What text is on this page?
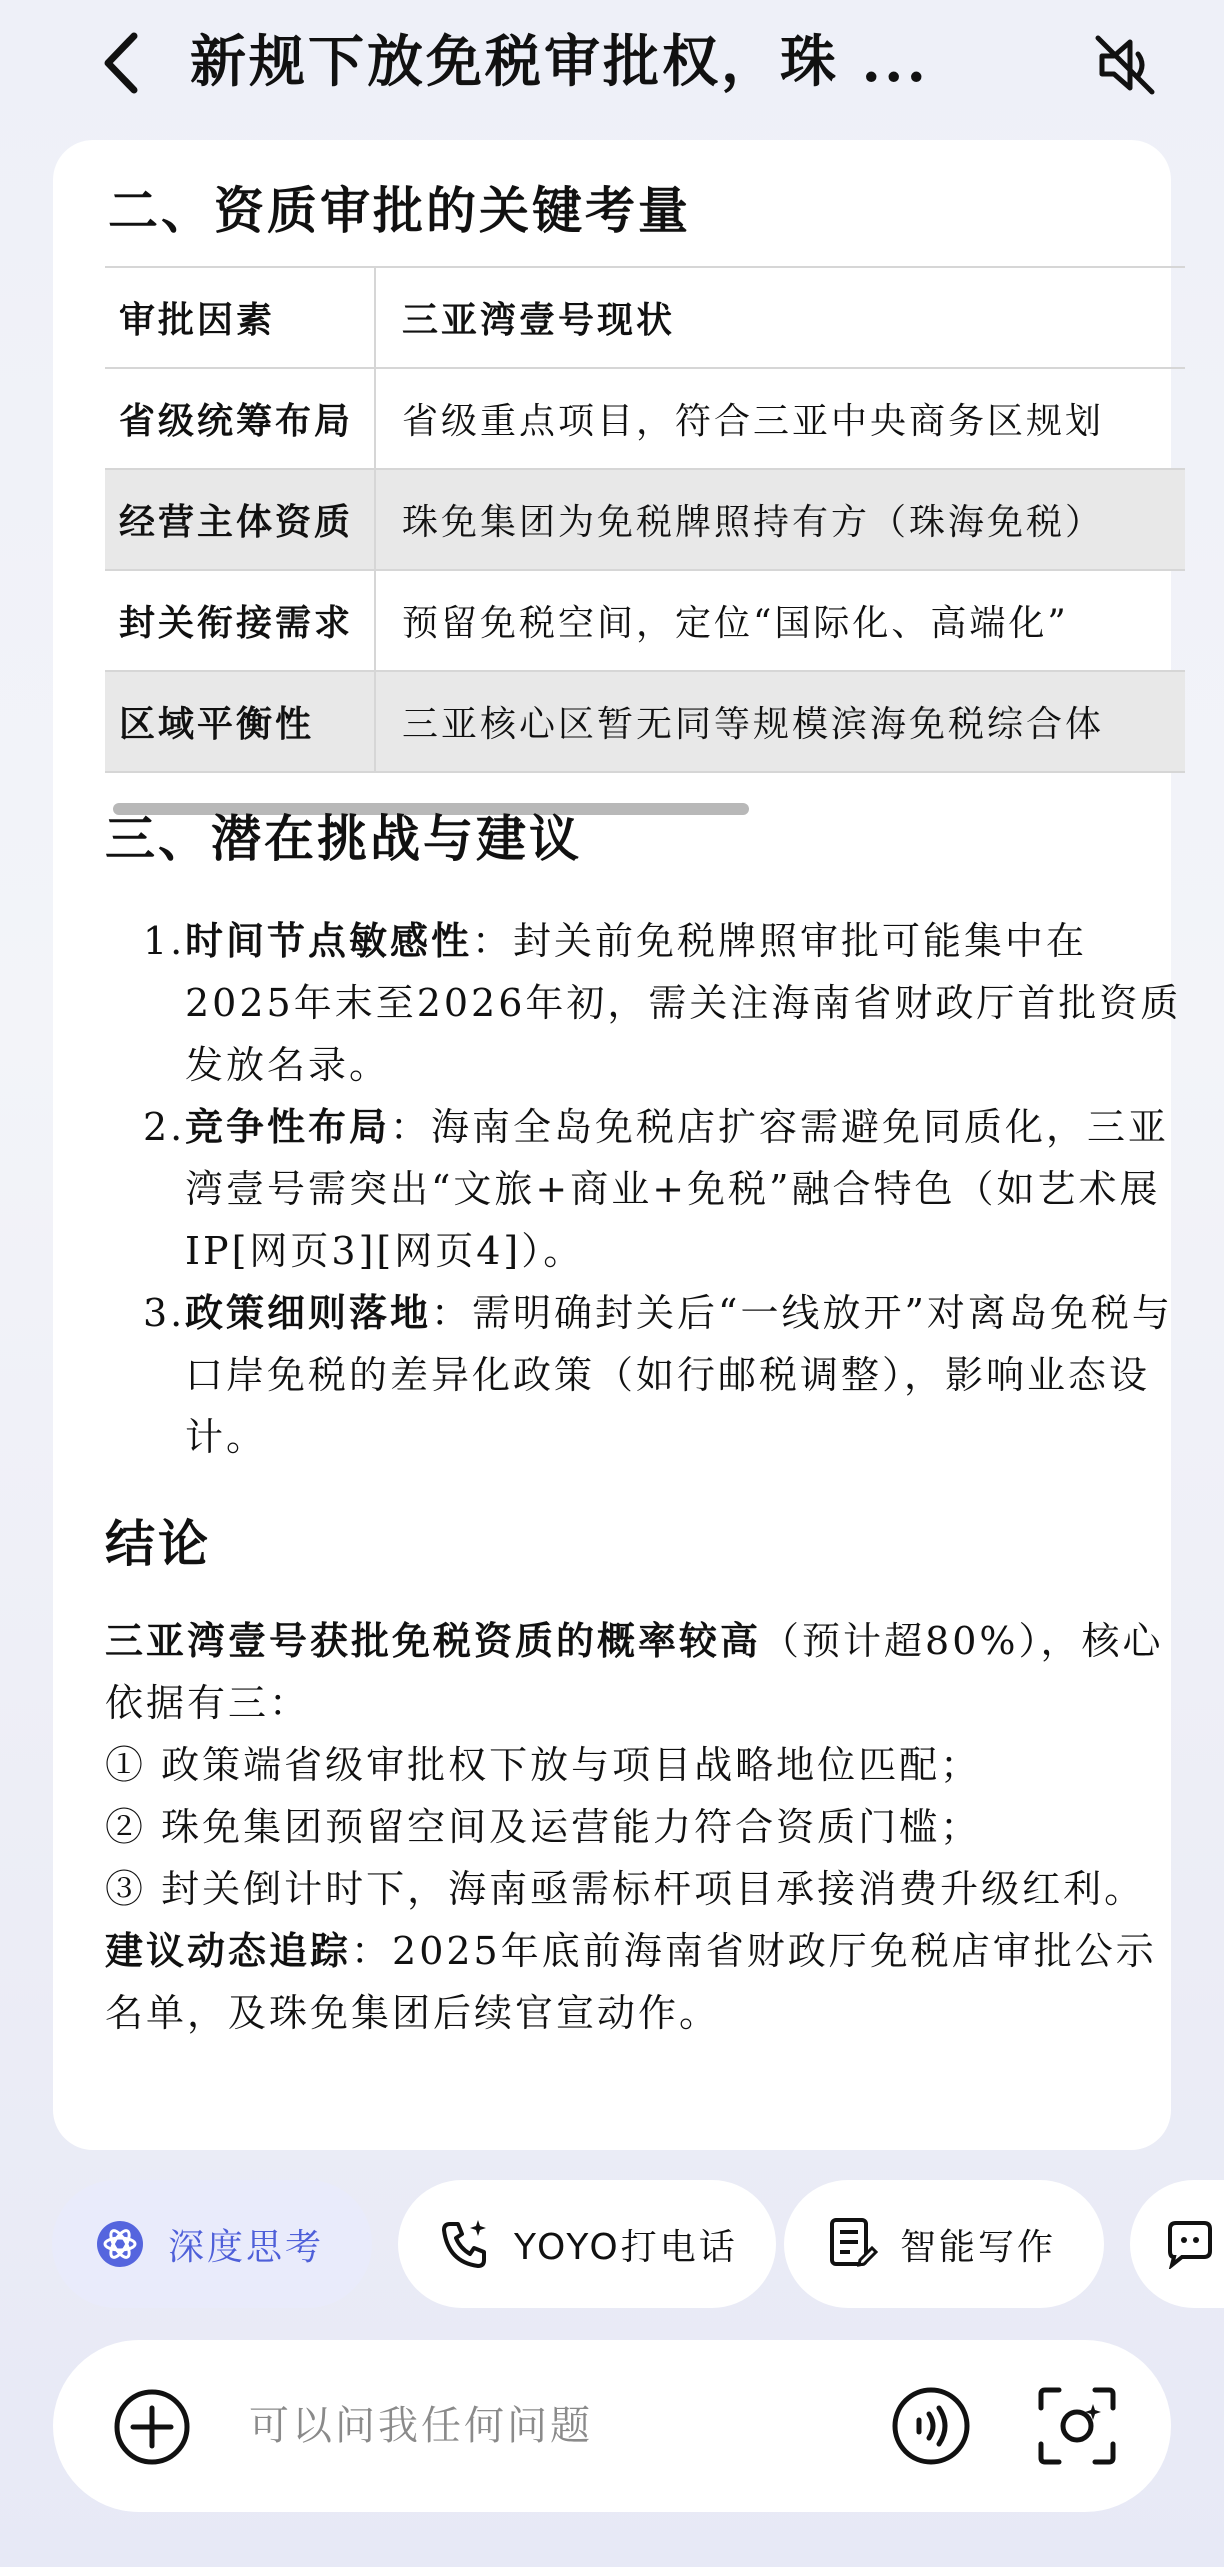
新规下放免税审批权，珠 ...
二、资质审批的关键考量
审批因素	三亚湾壹号现状
省级统筹布局	省级重点项目，符合三亚中央商务区规划
经营主体资质	珠免集团为免税牌照持有方（珠海免税）
封关衔接需求	预留免税空间，定位“国际化、高端化”
区域平衡性	三亚核心区暂无同等规模滨海免税综合体
三、潜在挑战与建议
1. 时间节点敏感性：封关前免税牌照审批可能集中在2025年末至2026年初，需关注海南省财政厅首批资质发放名录。
2. 竞争性布局：海南全岛免税店扩容需避免同质化，三亚湾壹号需突出“文旅+商业+免税”融合特色（如艺术展IP[网页3][网页4]）。
3. 政策细则落地：需明确封关后“一线放开”对离岛免税与口岸免税的差异化政策（如行邮税调整），影响业态设计。
结论
三亚湾壹号获批免税资质的概率较高（预计超80%），核心依据有三：
① 政策端省级审批权下放与项目战略地位匹配；
② 珠免集团预留空间及运营能力符合资质门槛；
③ 封关倒计时下，海南亟需标杆项目承接消费升级红利。
建议动态追踪：2025年底前海南省财政厅免税店审批公示名单，及珠免集团后续官宣动作。
深度思考	YOYO打电话	智能写作
可以问我任何问题
